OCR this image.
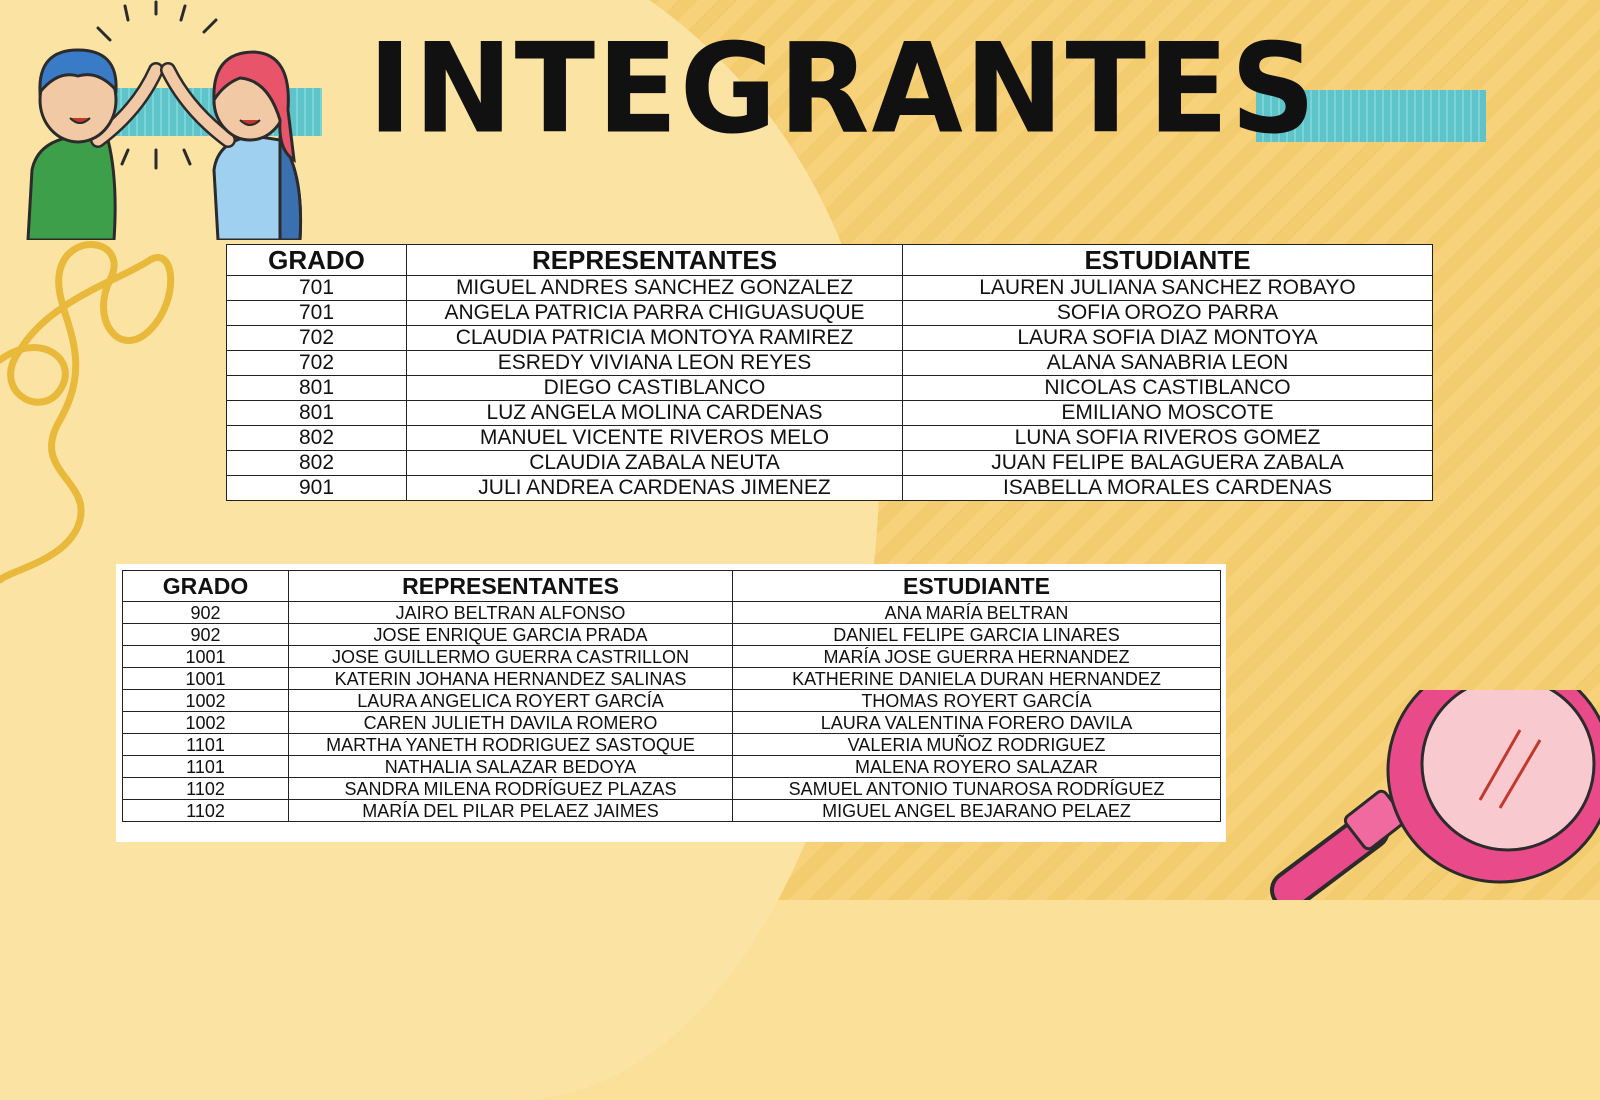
INTEGRANTES
GRADO	REPRESENTANTES	ESTUDIANTE
701	MIGUEL ANDRES SANCHEZ GONZALEZ	LAUREN JULIANA SANCHEZ ROBAYO
701	ANGELA PATRICIA PARRA CHIGUASUQUE	SOFIA OROZO PARRA
702	CLAUDIA PATRICIA MONTOYA RAMIREZ	LAURA SOFIA DIAZ MONTOYA
702	ESREDY VIVIANA LEON REYES	ALANA SANABRIA LEON
801	DIEGO CASTIBLANCO	NICOLAS CASTIBLANCO
801	LUZ ANGELA MOLINA CARDENAS	EMILIANO MOSCOTE
802	MANUEL VICENTE RIVEROS MELO	LUNA SOFIA RIVEROS GOMEZ
802	CLAUDIA ZABALA NEUTA	JUAN FELIPE BALAGUERA ZABALA
901	JULI ANDREA CARDENAS JIMENEZ	ISABELLA MORALES CARDENAS
GRADO	REPRESENTANTES	ESTUDIANTE
902	JAIRO BELTRAN ALFONSO	ANA MARÍA BELTRAN
902	JOSE ENRIQUE GARCIA PRADA	DANIEL FELIPE GARCIA LINARES
1001	JOSE GUILLERMO GUERRA CASTRILLON	MARÍA JOSE GUERRA HERNANDEZ
1001	KATERIN JOHANA HERNANDEZ SALINAS	KATHERINE DANIELA DURAN HERNANDEZ
1002	LAURA ANGELICA ROYERT GARCÍA	THOMAS ROYERT GARCÍA
1002	CAREN JULIETH DAVILA ROMERO	LAURA VALENTINA FORERO DAVILA
1101	MARTHA YANETH RODRIGUEZ SASTOQUE	VALERIA MUÑOZ RODRIGUEZ
1101	NATHALIA SALAZAR BEDOYA	MALENA ROYERO SALAZAR
1102	SANDRA MILENA RODRÍGUEZ PLAZAS	SAMUEL ANTONIO TUNAROSA RODRÍGUEZ
1102	MARÍA DEL PILAR PELAEZ JAIMES	MIGUEL ANGEL BEJARANO PELAEZ
